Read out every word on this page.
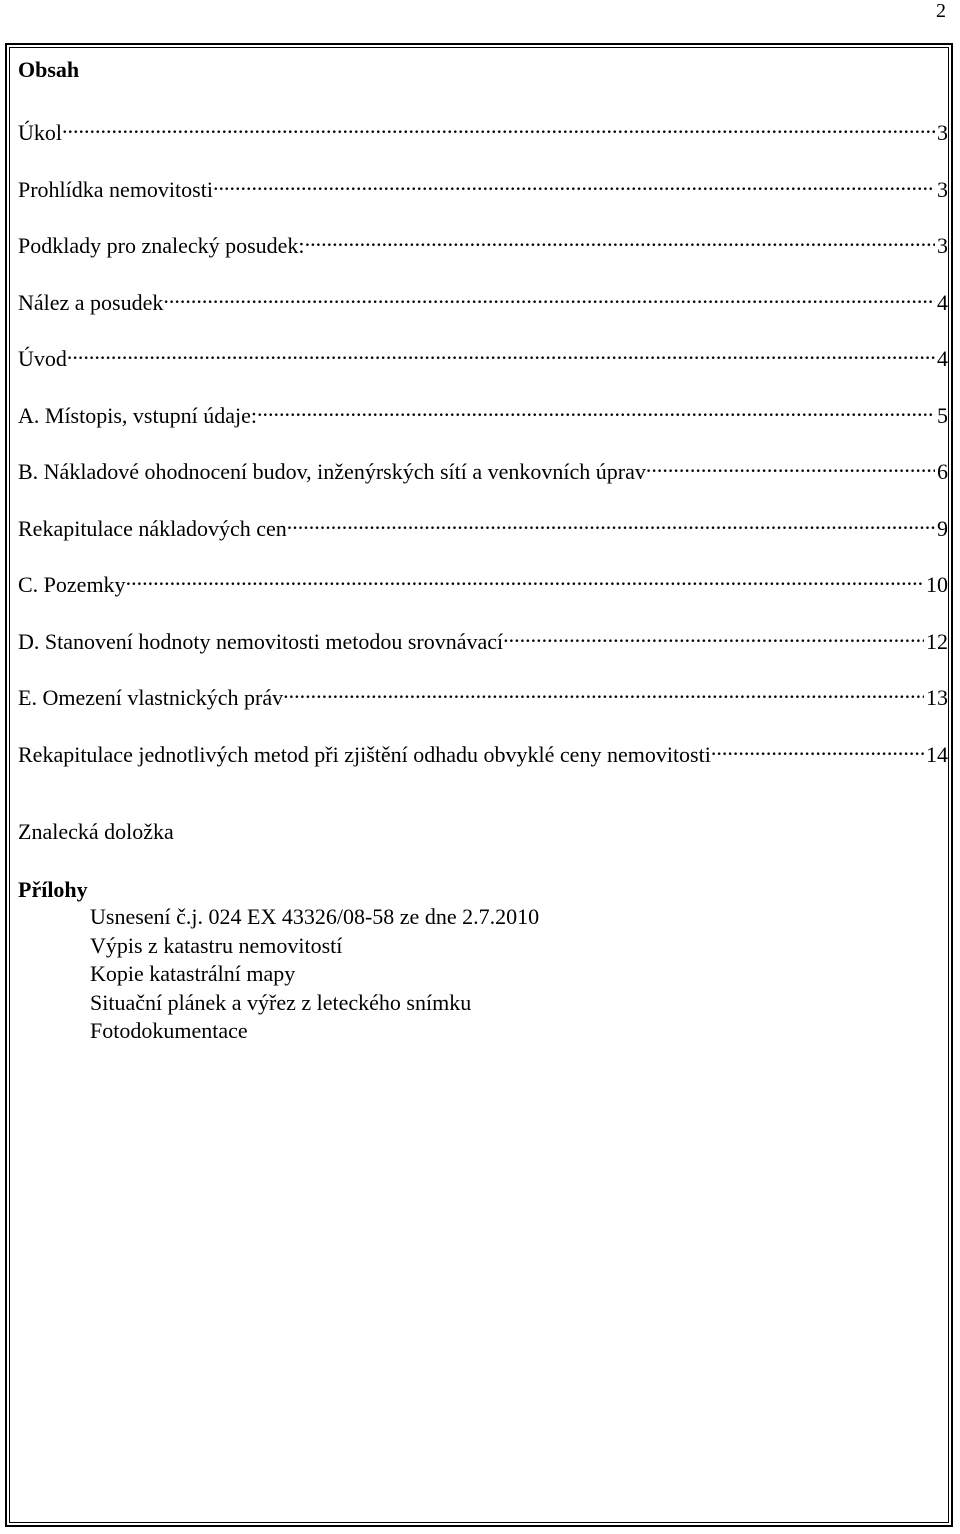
2
Obsah
Úkol .....	3
Prohlídka nemovitosti .....	3
Podklady pro znalecký posudek: .....	3
Nález a posudek .....	4
Úvod .....	4
A. Místopis, vstupní údaje: .....	5
B. Nákladové ohodnocení budov, inženýrských sítí a venkovních úprav .....	6
Rekapitulace nákladových cen .....	9
C. Pozemky .....	10
D. Stanovení hodnoty nemovitosti metodou srovnávací .....	12
E. Omezení vlastnických práv .....	13
Rekapitulace jednotlivých metod při zjištění odhadu obvyklé ceny nemovitosti .....	14
Znalecká doložka
Přílohy
Usnesení č.j. 024 EX 43326/08-58 ze dne 2.7.2010
Výpis z katastru nemovitostí
Kopie katastrální mapy
Situační plánek a výřez z leteckého snímku
Fotodokumentace
